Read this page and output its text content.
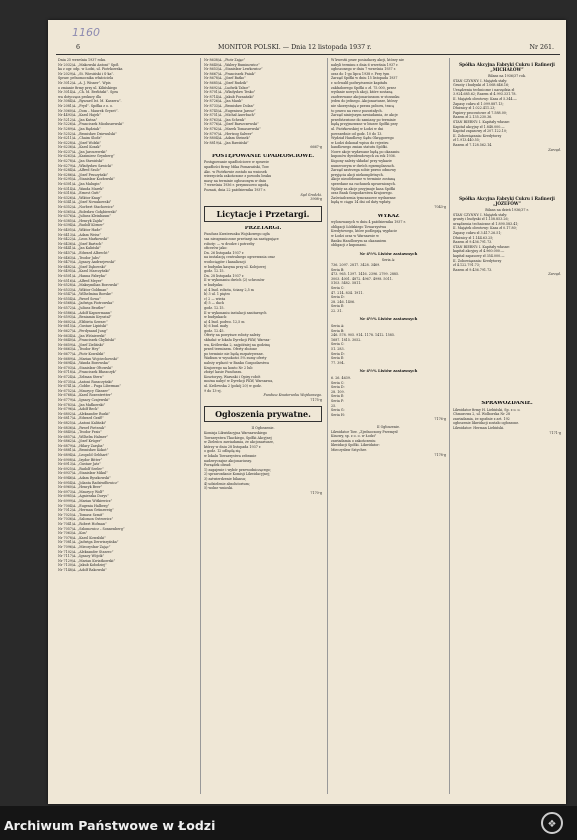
1160
6	MONITOR POLSKI. — Dnia 12 listopada 1937 r.	Nr 261.
Dnia 25 września 1937 roku.
Nr 2032/A. „Makowski Antoni” Spół.
ka z ogr. odp. w Łodzi, ul. Piotrkowska
Nr 2029/A. „St. Wiesiński i S-ka”.
Spraw. pełnomocnika właściciela
Nr 3012/A. „A. J. Wisner”. Wpis
o zmianie firmy przy ul. Kilińskiego
Nr 3014/A. „Ch. M. Berliński”. Spra
wa dotycząca prokury dla
Nr 3084/A. „Ryszard Ist. M. Kaszera”.
Nr 2081/A. „Fryd”. Spółka z o. o.
Nr 3060/A. „Dom – Maurek Gryzet”.
Nr 4493/A. „Karol Hajek”
Nr 5212/A. „Jan Kutna”
Nr 5226/A. „Franciszek Mioduszewski”
Nr 5289/A. „Jan Rędziak”
Nr 5252/A. „Bronisław Dziewulski”
Nr 6211/A. „Chaim Slodz”
Nr 6228/A. „Józef Wolski”
Nr 6236/A. „Karol Kozak”
Nr 6237/A. „Jan Jaroszewski”
Nr 6263/A. „Kazimierz Grynberg”
Nr 6278/A. „Jan Stawiński”
Nr 6279/A. „Władysław Sawicki”
Nr 6284/A. „Alfred Szulc”
Nr 6286/A. „Józef Pruszyński”
Nr 6295/A. „Stanisław Kozłowski”
Nr 6301/A. „Jan Malugin”
Nr 6314/A. „Wanda Marek”
Nr 6318/A. „Ernest Gutt”
Nr 6326/A. „Wiktor Knap”
Nr 6341/A. „Józef Nowakowski”
Nr 6352/A. „Norbert Stachowicz”
Nr 6365/A. „Bolesław Gołębiewski”
Nr 6376/A. „Juliusz Kleinbaum”
Nr 6385/A. „Henryk Zajda”
Nr 6394/A. „Rudolf Körner”
Nr 6405/A. „Wiktor Hade”
Nr 6413/A. „Adam Weiss”
Nr 6422/A. „Leon Markowski”
Nr 6436/A. „Józef Bartsch”
Nr 6441/A. „Jan Kaliński”
Nr 6457/A. „Edward Albrecht”
Nr 6463/A. „Teodor Jabs”
Nr 6470/A. „Ignacy Andrzejewski”
Nr 6482/A. „Józef Dębowski”
Nr 6495/A. „Karol Marczyński”
Nr 6501/A. „Hanna Fabryka”
Nr 6516/A. „Alfred Meyer”
Nr 6528/A. „Maksymilian Borowski”
Nr 6533/A. „Wiktor Goldman”
Nr 6547/A. „Wilhelmina Boeske”
Nr 6554/A. „Paweł Sowa”
Nr 6568/A. „Jadwiga Piotrowska”
Nr 6572/A. „Juliusz Beutler”
Nr 6586/A. „Adolf Kapsermann”
Nr 6593/A. „Beniamin Krysztal”
Nr 6602/A. „Elżbieta Szwarc”
Nr 6615/A. „Gustaw Lipiński”
Nr 6627/A. „Ferdynand Jung”
Nr 6634/A. „Jan Wiśniewski”
Nr 6640/A. „Franciszek Chyliński”
Nr 6659/A. „Józef Zieliński”
Nr 6663/A. „Teodor Hey”
Nr 6677/A. „Piotr Kowalski”
Nr 6689/A. „Marian Wojciechowski”
Nr 6694/A. „Wanda Borowska”
Nr 6703/A. „Stanisław Ołtowski”
Nr 6718/A. „Franciszek Błaszczyk”
Nr 6724/A. „Zelman Stern”
Nr 6735/A. „Antoni Ruszczyński”
Nr 6741/A. „Gobbe – Fuga Liberman”
Nr 6752/A. „Maurycy Glanzer”
Nr 6768/A. „Karol Rozentretter”
Nr 6779/A. „Ignacy Czajewski”
Nr 6783/A. „Jan Małkowski”
Nr 6796/A. „Adolf Beck”
Nr 6802/A. „Aleksander Ruski”
Nr 6817/A. „Edward Graff”
Nr 6825/A. „Antoni Kaliński”
Nr 6836/A. „Paweł Pietrzak”
Nr 6840/A. „Teodor Prais”
Nr 6857/A. „Wilhelm Halmer”
Nr 6862/A. „Józef Krüger”
Nr 6879/A. „Hilary Zaręba”
Nr 6881/A. „Bronisław Kokot”
Nr 6894/A. „Leopold Gebhart”
Nr 6908/A. „Izydor Bitter”
Nr 6913/A. „Gustaw Jatz”
Nr 6925/A. „Rudolf Seeler”
Nr 6937/A. „Stanisław Mikul”
Nr 6946/A. „Adam Ryszkowski”
Nr 6954/A. „Jolanta Radziwiłłowicz”
Nr 6960/A. „Henryk Beer”
Nr 6973/A. „Maurycy Wolf”
Nr 6985/A. „Agnieszka Dorys”
Nr 6999/A. „Marian Witkiewicz”
Nr 7004/A. „Eugenia Halberg”
Nr 7012/A. „Herman Grünzweig”
Nr 7025/A. „Tomasz Szmit”
Nr 7036/A. „Salomon Ostrowicz”
Nr 7041/A. „Robert Hofman”
Nr 7057/A. „Szlomowicz – Sonnenberg”
Nr 7063/A. „Kon”
Nr 7078/A. „Karol Kowalski”
Nr 7081/A. „Jadwiga Derwiszyńska”
Nr 7096/A. „Mieczysław Zając”
Nr 7102/A. „Aleksander Starzec”
Nr 7117/A. „Ignacy Wójcik”
Nr 7129/A. „Marian Kwiatkowski”
Nr 7130/A. „Jakub Kołodziej”
Nr 7148/A. „Adolf Rakowski”
Nr 8638/A. „Piotr Zając”
Nr 8640/A. „Walery Ruminowicz”
Nr 8653/A. „Stanisław Lewkowicz”
Nr 8667/A. „Franciszek Pniak”
Nr 8678/A. „Józef Batko”
Nr 8685/A. „Józef Rudzik”
Nr 8692/A. „Ludwik Tabor”
Nr 8701/A. „Władysław Tesko”
Nr 8714/A. „Jakub Poznański”
Nr 8726/A. „Jan Mauk”
Nr 8733/A. „Bronisław Dolan”
Nr 8745/A. „Eugeniusz Jarosz”
Nr 8751/A. „Michał Auerbach”
Nr 8763/A. „Jan Schenk”
Nr 8776/A. „Józef Barszczewski”
Nr 8782/A. „Marek Tomaszewski”
Nr 8797/A. „Hertzog Salwer”
Nr 8804/A. „Adam Steinek”
Nr 8819/A. „Jan Rawiński”
6667-g
POSTĘPOWANIE UPADŁOŚCIOWE.
Postępowanie upadłościowe w sprawie
upadłości firmy Mika Pomarański, Tow.
Akc. w Piotrkowie zostało na wniosek
wierzyciela zakończone z powodu braku
masy na terminie ogłoszonym w dniu
7 września 1936 r. przymusowo ugodą.
Poznań, dnia 22 października 1937 r.
Sąd Grodzki.
3908-g
Licytacje i Przetargi.
PRZETARGI.
Fundusz Kwaterunku Wojskowego ogła
sza nieograniczone przetargi na następujące
roboty: — w drodze i potrzeby
oficerów jako:
Dn. 26 listopada 1937 r.
na instalację centralnego ogrzewania oraz
wodociągów i kanalizacji
w budynku kasyna przy ul. Kolejowej
godz. 12.15.
Dn. 28 listopada 1937 r.
II w wykonaniu dwóch (2) schronów
w budynku:
a) 4 bud. robota, ściany 2,5 m
b) 3 ul. 1 piętro
c) 2 — wieża
d) 5 — dach
godz. 12.15.
II w wykonaniu instalacji sanitarnych
w budynkach:
a) 4 bud. podwo. 12,5 m
b) 6 bud. mały
godz. 12.45.
Oferty na powyższe roboty należy
składać w lokalu Dyrekcji FKW, Warsza-
wa, Królewska 2, najpóźniej na godzinę
przed terminem. Oferty złożone
po terminie nie będą rozpatrywane.
Wadium w wysokości 5% sumy oferty
należy wpłacić w Banku Gospodarstwa
Krajowego na konto Nr 2 lub
złożyć kasie Funduszu.
Kosztorysy, Warunki i Opisy robót
można nabyć w Dyrekcji FKW, Warszawa,
ul. Królewska 2 (pokój 20) w godz.
9 do 13-ej.
Fundusz Kwaterunku Wojskowego.
7175-g
Ogłoszenia prywatne.
II Ogłoszenie.
Komisja Likwidacyjna Warszawskiego
Towarzystwa Tkackiego, Spółki Akcyjnej
w Zieleńcu zawiadamia, że akcjonariusze,
którzy w dniu 28 listopada 1937 r.
o godz. 12 odbędą się
w lokalu Towarzystwa zebranie
nadzwyczajne akcjonariuszy.
Porządek obrad:
1) zagajenie i wybór przewodniczącego;
2) sprawozdanie Komisji Likwidacyjnej;
3) zatwierdzenie bilansu;
4) udzielenie absolutorium;
5) wolne wnioski.
7170-g
W kwestii praw posiadaczy akcji, którzy nie
nabyli terminu z dnia 6 września 1937 r.
ogłoszonego w dniu 7 września 1937 r.
oraz do 1-go lipca 1938 r. Przy tym
Zarząd Spółki w dniu 15 listopada 1937
r. uchwalił podwyższenie kapitału
zakładowego Spółki o zł. 75.000, przez
wydanie nowych akcji, które zostaną
zaoferowane akcjonariuszom w stosunku
jeden do jednego. Akcjonariusze, którzy
nie skorzystają z prawa poboru, tracą
to prawo na rzecz pozostałych.
Zarząd niniejszym zawiadamia, że akcje
przedstawione do zamiany po terminie
będą przyjmowane w biurze Spółki przy
ul. Piotrkowskiej w Łodzi w dni
powszednie od godz. 10 do 13.
Wydział Handlowy Sądu Okręgowego
w Łodzi dokonał wpisu do rejestru
handlowego zmian statutu Spółki.
Nowe akcje wydawane będą po okazaniu
kuponów dywidendowych za rok 1936.
Kupony należy składać przy wykazie
numerowym w dwóch egzemplarzach.
Zarząd zastrzega sobie prawo odmowy
przyjęcia akcji niekompletnych.
Akcje nieodebrane w terminie zostaną
sprzedane na rachunek uprawnionych.
Wpłaty za akcje przyjmuje kasa Spółki
oraz Bank Gospodarstwa Krajowego.
Zaświadczenia tymczasowe wydawane
będą w ciągu 14 dni od daty wpłaty.
7043-g
WYKAZ
wylosowanych w dniu 4 października 1937 r.
obligacji Łódzkiego Towarzystwa
Kredytowego, które podlegają wypłacie
w Łodzi oraz w Warszawie w
Banku Handlowym za okazaniem
obligacji z kuponami.
Nr 4½% Listów zastawnych
Seria A:
736. 2097. 2817. 3428. 3469.
Seria B:
473. 965. 1397. 1416. 2396. 2799. 2885.
3003. 4001. 4872. 4967. 4998. 5011.
5103. 5482. 5811.
Seria C:
47. 214. 834. 1911.
Seria D:
28. 246. 1406.
Seria E:
22. 31.
Nr 4½% Listów zastawnych
Seria A:
Seria B:
246. 578. 905. 914. 1178. 1412. 1585.
1687. 1815. 3052.
Seria C:
51. 283.
Seria D:
Seria E:
77. 394.
Nr 4½% Listów zastawnych
6. 26. 4639.
Seria C:
Seria D:
28. 109.
Seria E:
Seria F:
25.
Seria G:
Seria H:
7176-g
II Ogłoszenie.
Likwidator Tow. „Zjednoczony Przemysł
Kinowy, sp. z o. o. w Łodzi”
zawiadamia o zakończeniu
likwidacji Spółki. Likwidator:
Mieczysław Sztycher.
7178-g
Spółka Akcyjna Fabryki Cukru i Rafinerji „MICHAŁÓW”
Bilans na 1936/37 rok.
STAN CZYNNY: I. Majątek stały:
Grunty i budynki zł 1.068.646.16;
Urządzenia techniczne i narzędzia zł
3.924.685.62; Razem zł 4.993.331.78.
II. Majątek obrotowy: Kasa zł 5.344.—
Zapasy cukru zł 1.099.887.13;
Dłużnicy zł 1.022.411.23;
Papiery procentowe zł 7.588.00;
Razem zł 2.135.230.36.
STAN BIERNY: I. Kapitały własne:
Kapitał akcyjny zł 1.848.000.—
Kapitał zapasowy zł 207.122.10;
II. Zobowiązania: Kredytorzy
zł 1.913.440.55;
Razem zł 7.128.562.14.
Zarząd.
Spółka Akcyjna Fabryki Cukru i Rafinerji „JÓZEFÓW”
Bilans na dzień 1936/37 r.
STAN CZYNNY: I. Majątek stały:
grunty i budynki zł 1.158.853.26;
urządzenia techniczne zł 1.890.583.41;
II. Majątek obrotowy: Kasa zł 0.17.80;
Zapasy cukru zł 3.417.26.51;
Dłużnicy zł 1.144.63.25;
Razem zł 9.436.791.73.
STAN BIERNY: I. Kapitały własne:
kapitał akcyjny zł 4.960.000.—
kapitał zapasowy zł 354.000.—
II. Zobowiązania: Kredytorzy
zł 4.122.791.73;
Razem zł 9.436.791.73.
Zarząd.
SPRAWOZDANIE.
Likwidator firmy H. Liebiński, Sp. z o. o.
Chmurowa 2, ul. Wolborska Nr 28
zawiadamia, że zgodnie z art. 192
ogłoszenie likwidacji zostało ogłoszone.
Likwidator: Herman Liebiński.
7171-g
Archiwum Państwowe w Łodzi	❖
